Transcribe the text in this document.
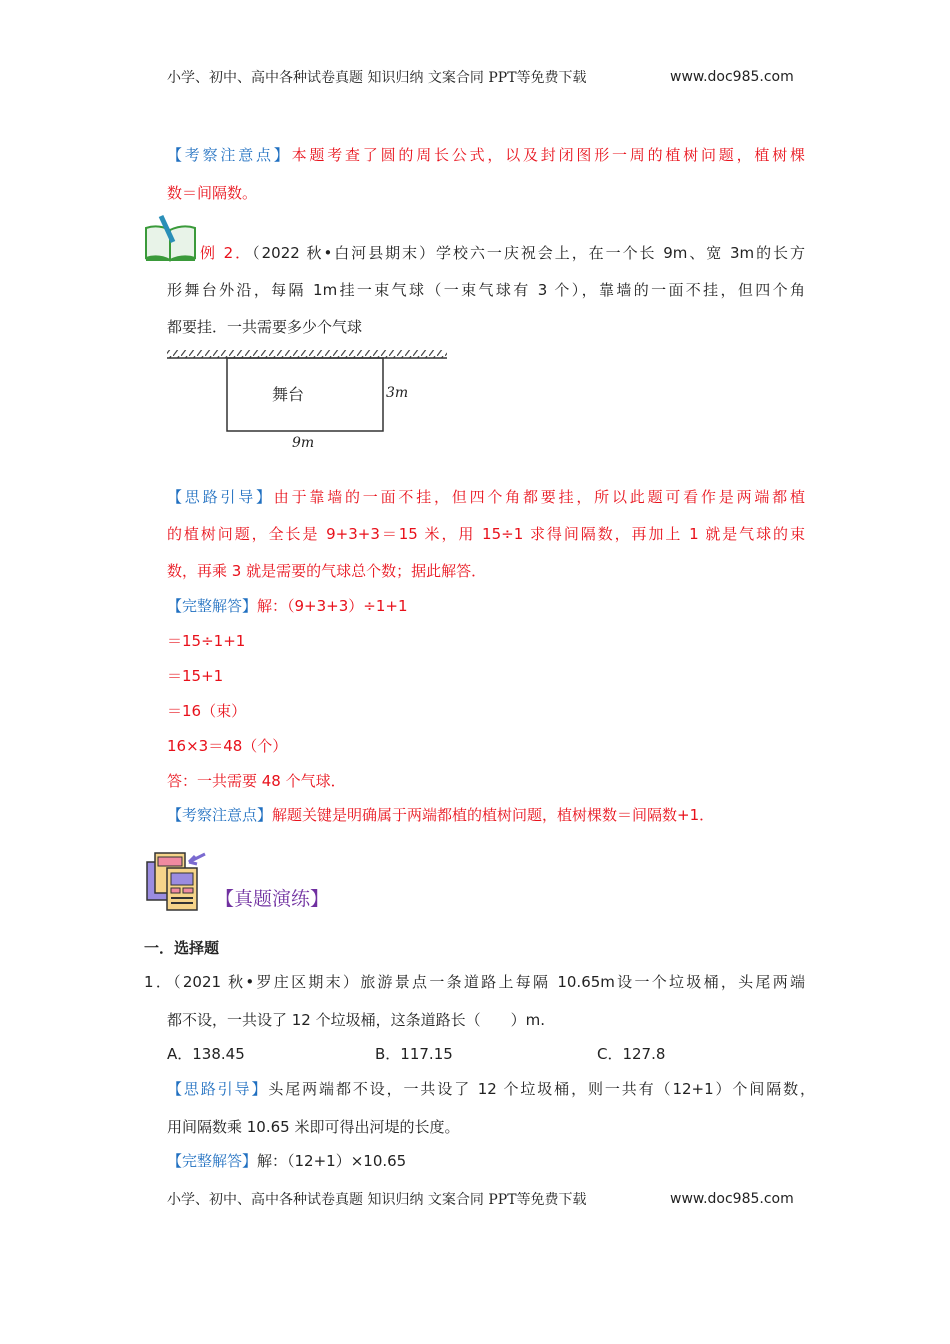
小学、初中、高中各种试卷真题 知识归纳 文案合同 PPT等免费下载	www.doc985.com
【考察注意点】本题考查了圆的周长公式，以及封闭图形一周的植树问题，植树棵
数＝间隔数。
例 2．（2022 秋•白河县期末）学校六一庆祝会上，在一个长 9m、宽 3m的长方
形舞台外沿，每隔 1m挂一束气球（一束气球有 3 个），靠墙的一面不挂，但四个角
都要挂．一共需要多少个气球
舞台	3m
9m
【思路引导】由于靠墙的一面不挂，但四个角都要挂，所以此题可看作是两端都植
的植树问题，全长是 9+3+3＝15 米，用 15÷1 求得间隔数，再加上 1 就是气球的束
数，再乘 3 就是需要的气球总个数；据此解答．
【完整解答】解：（9+3+3）÷1+1
＝15÷1+1
＝15+1
＝16（束）
16×3＝48（个）
答：一共需要 48 个气球．
【考察注意点】解题关键是明确属于两端都植的植树问题，植树棵数＝间隔数+1．
【真题演练】
一．选择题
1．（2021 秋•罗庄区期末）旅游景点一条道路上每隔 10.65m设一个垃圾桶，头尾两端
都不设，一共设了 12 个垃圾桶，这条道路长（　　）m.
A．138.45	B．117.15	C．127.8
【思路引导】头尾两端都不设，一共设了 12 个垃圾桶，则一共有（12+1）个间隔数，
用间隔数乘 10.65 米即可得出河堤的长度。
【完整解答】解：（12+1）×10.65
小学、初中、高中各种试卷真题 知识归纳 文案合同 PPT等免费下载	www.doc985.com
